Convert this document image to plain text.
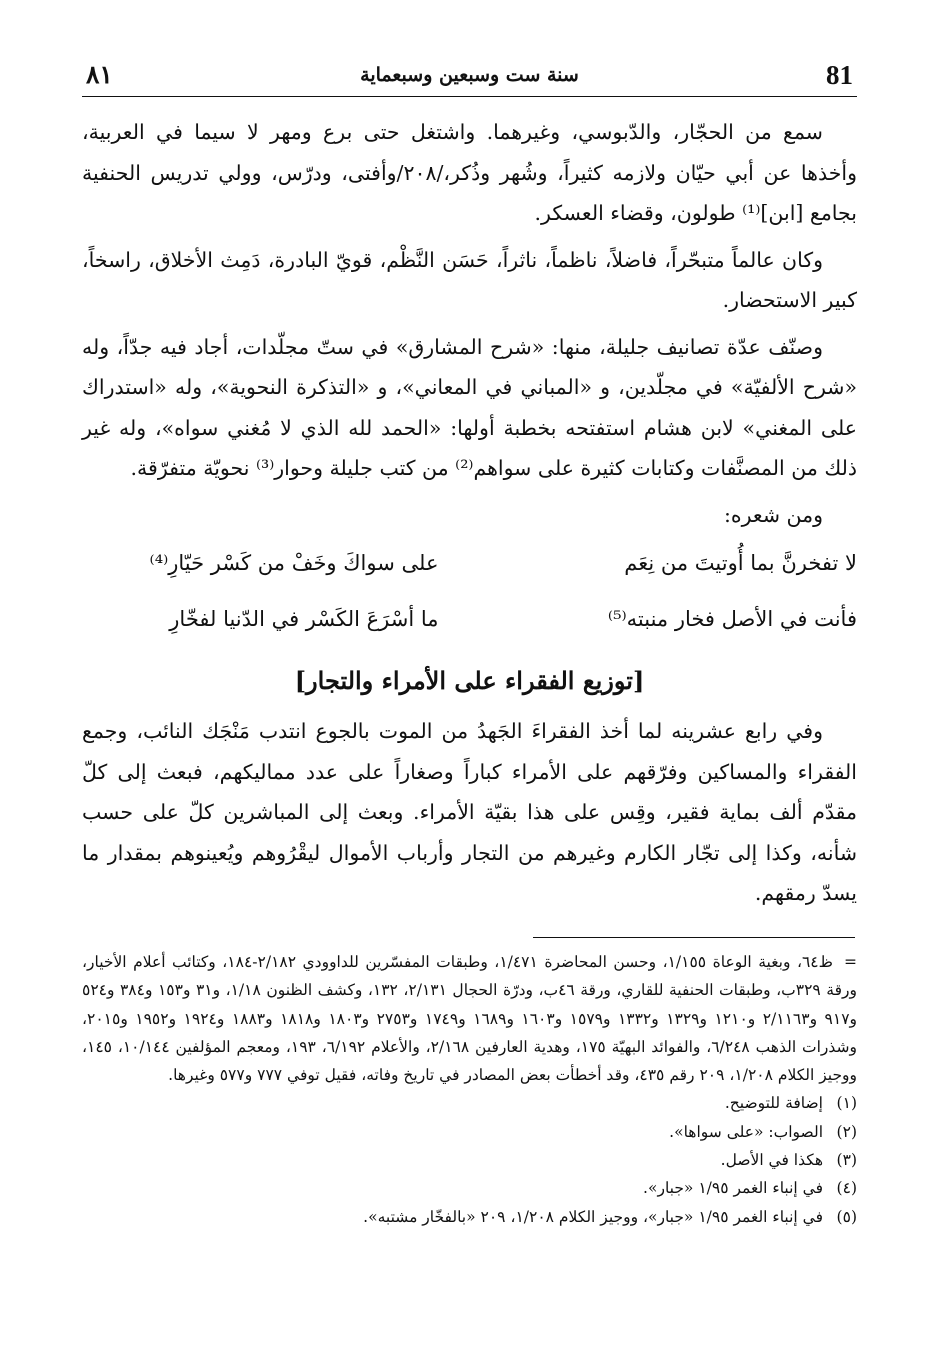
٨١	سنة ست وسبعين وسبعماية	81

سمع من الحجّار، والدّبوسي، وغيرهما. واشتغل حتى برع ومهر لا سيما في العربية، وأخذها عن أبي حيّان ولازمه كثيراً، وشُهر وذُكر،/٢٠٨/وأفتى، ودرّس، وولي تدريس الحنفية بجامع [ابن]⁽¹⁾ طولون، وقضاء العسكر.

وكان عالماً متبحّراً، فاضلاً، ناظماً، ناثراً، حَسَن النَّظْم، قويّ البادرة، دَمِث الأخلاق، راسخاً، كبير الاستحضار.

وصنّف عدّة تصانيف جليلة، منها: «شرح المشارق» في ستّ مجلّدات، أجاد فيه جدّاً، وله «شرح الألفيّة» في مجلّدين، و «المباني في المعاني»، و «التذكرة النحوية»، وله «استدراك على المغني» لابن هشام استفتحه بخطبة أولها: «الحمد لله الذي لا مُغني سواه»، وله غير ذلك من المصنَّفات وكتابات كثيرة على سواهم⁽²⁾ من كتب جليلة وحوار⁽³⁾ نحويّة متفرّقة.

ومن شعره:

لا تفخرنَّ بما أُوتيتَ من نِعَم
على سواكَ وخَفْ من كَسْر حَيّارِ⁽⁴⁾
فأنت في الأصل فخار منبته⁽⁵⁾
ما أسْرَعَ الكَسْر في الدّنيا لفخّارِ
[توزيع الفقراء على الأمراء والتجار]

وفي رابع عشرينه لما أخذ الفقراءَ الجَهدُ من الموت بالجوع انتدب مَنْجَك النائب، وجمع الفقراء والمساكين وفرّقهم على الأمراء كباراً وصغاراً على عدد مماليكهم، فبعث إلى كلّ مقدّم ألف بماية فقير، وقِس على هذا بقيّة الأمراء. وبعث إلى المباشرين كلّ على حسب شأنه، وكذا إلى تجّار الكارم وغيرهم من التجار وأرباب الأموال ليقْرُوهم ويُعينوهم بمقدار ما يسدّ رمقهم.

=ظ٦٤، وبغية الوعاة ١/١٥٥، وحسن المحاضرة ١/٤٧١، وطبقات المفسّرين للداوودي ٢/١٨٢-١٨٤، وكتائب أعلام الأخيار، ورقة ٣٢٩ب، وطبقات الحنفية للقاري، ورقة ٤٦ب، ودرّة الحجال ٢/١٣١، ١٣٢، وكشف الظنون ١/١٨، و٣١ و١٥٣ و٣٨٤ و٥٢٤ و٩١٧ و٢/١١٦٣ و١٢١٠ و١٣٢٩ و١٣٣٢ و١٥٧٩ و١٦٠٣ و١٦٨٩ و١٧٤٩ و٢٧٥٣ و١٨٠٣ و١٨١٨ و١٨٨٣ و١٩٢٤ و١٩٥٢ و٢٠١٥، وشذرات الذهب ٦/٢٤٨، والفوائد البهيّة ١٧٥، وهدية العارفين ٢/١٦٨، والأعلام ٦/١٩٢، ١٩٣، ومعجم المؤلفين ١٠/١٤٤، ١٤٥، ووجيز الكلام ١/٢٠٨، ٢٠٩ رقم ٤٣٥، وقد أخطأت بعض المصادر في تاريخ وفاته، فقيل توفي ٧٧٧ و٥٧٧ وغيرها.

(١)
إضافة للتوضيح.
(٢)
الصواب: «على سواها».
(٣)
هكذا في الأصل.
(٤)
في إنباء الغمر ١/٩٥ «جبار».
(٥)
في إنباء الغمر ١/٩٥ «جبار»، ووجيز الكلام ١/٢٠٨، ٢٠٩ «بالفخّار مشتبه».
